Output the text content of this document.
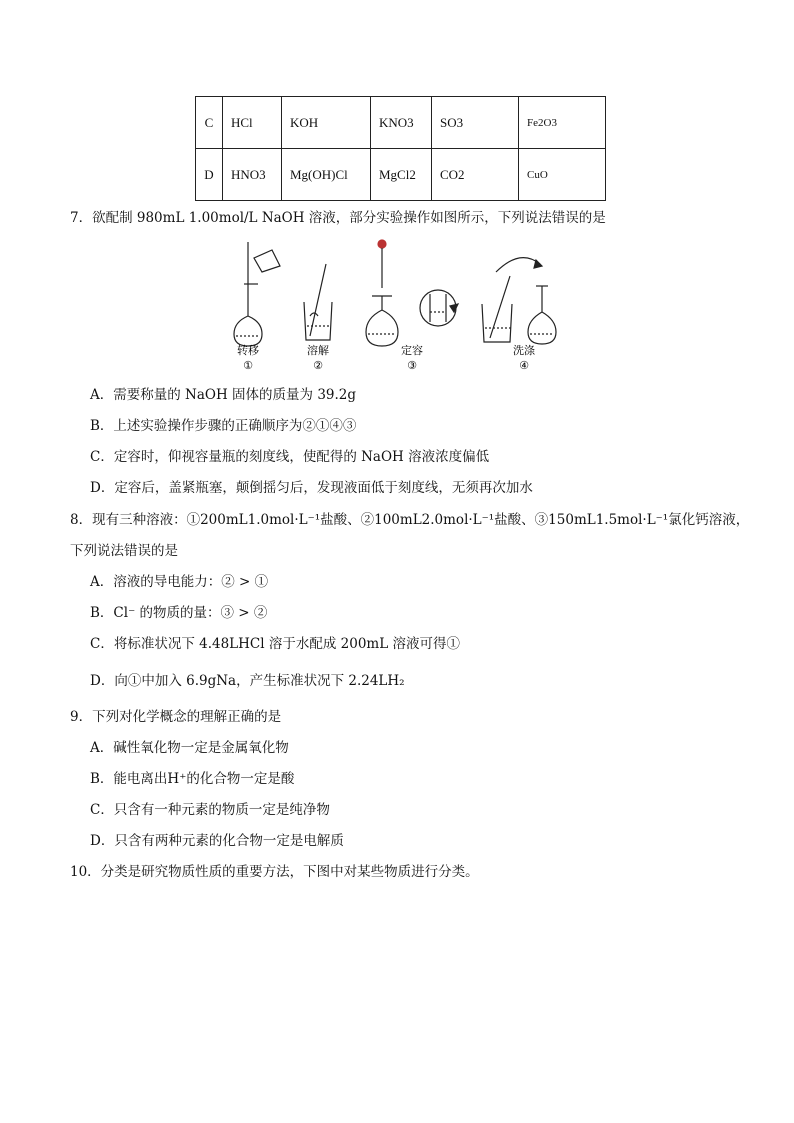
C	HCl	KOH	KNO3	SO3	Fe2O3
D	HNO3	Mg(OH)Cl	MgCl2	CO2	CuO
7．欲配制 980mL 1.00mol/L NaOH 溶液，部分实验操作如图所示，下列说法错误的是
转移
①
溶解
②
定容
③
洗涤
④
A．需要称量的 NaOH 固体的质量为 39.2g
B．上述实验操作步骤的正确顺序为②①④③
C．定容时，仰视容量瓶的刻度线，使配得的 NaOH 溶液浓度偏低
D．定容后，盖紧瓶塞，颠倒摇匀后，发现液面低于刻度线，无须再次加水
8．现有三种溶液：①200mL1.0mol·L⁻¹盐酸、②100mL2.0mol·L⁻¹盐酸、③150mL1.5mol·L⁻¹氯化钙溶液，
下列说法错误的是
A．溶液的导电能力：② > ①
B．Cl⁻ 的物质的量：③ > ②
C．将标准状况下 4.48LHCl 溶于水配成 200mL 溶液可得①
D．向①中加入 6.9gNa，产生标准状况下 2.24LH₂
9．下列对化学概念的理解正确的是
A．碱性氧化物一定是金属氧化物
B．能电离出H⁺的化合物一定是酸
C．只含有一种元素的物质一定是纯净物
D．只含有两种元素的化合物一定是电解质
10．分类是研究物质性质的重要方法，下图中对某些物质进行分类。
